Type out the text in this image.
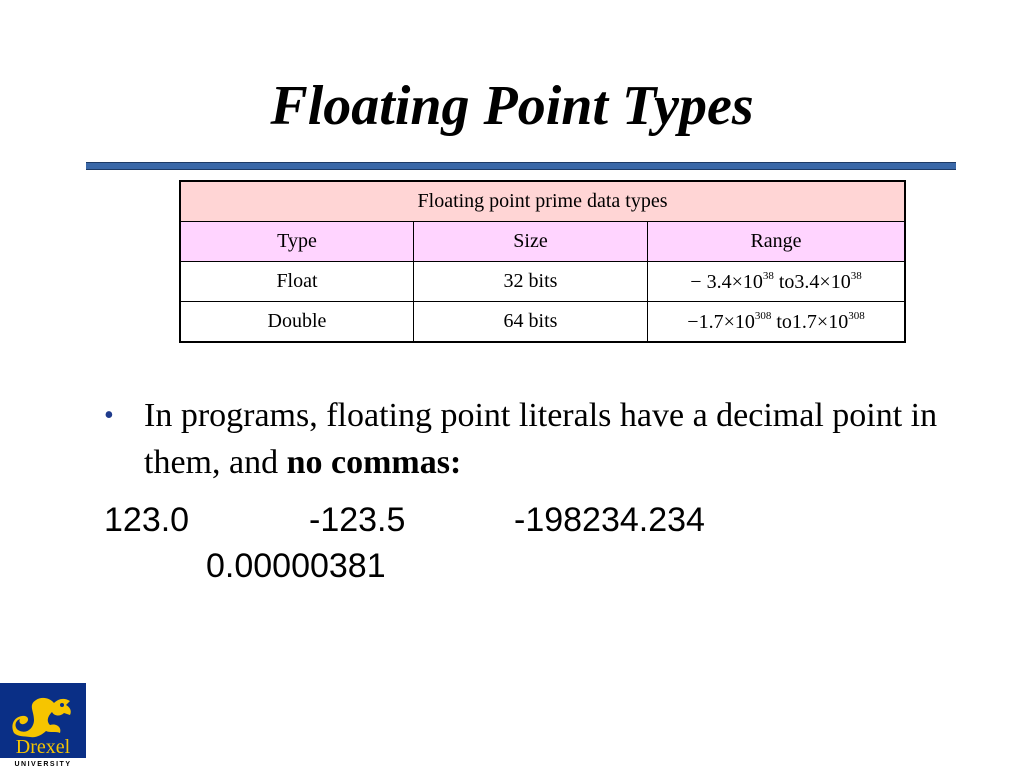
Floating Point Types
Floating point prime data types		
Type	Size	Range
Float	32 bits	− $3.4\times 10^{38}$ $to3.4\times 10^{38}$
Double	64 bits	$-1.7\times 10^{308}$ $to1.7\times 10^{308}$
• In programs, floating point literals have a decimal point in them, and no commas:
123.0	-123.5	-198234.234
0.00000381
Drexel
UNIVERSITY
